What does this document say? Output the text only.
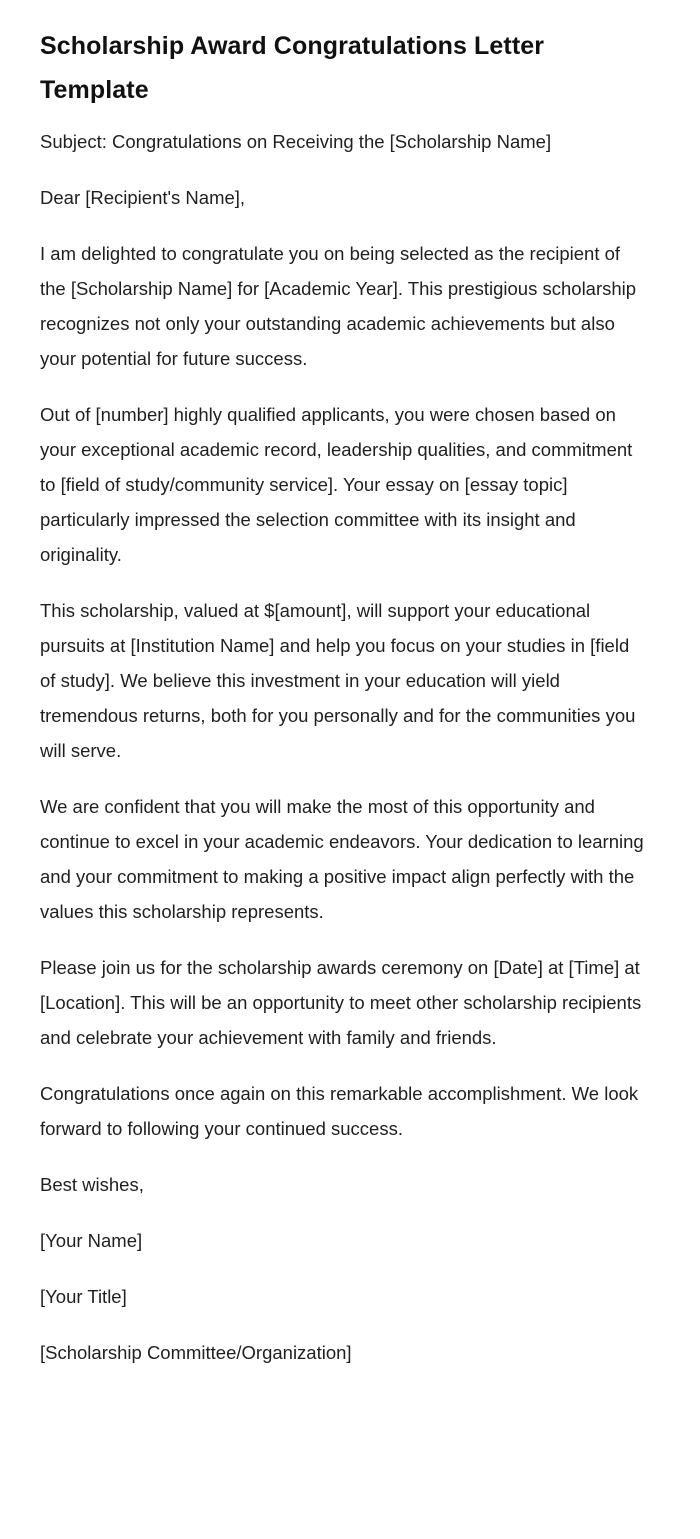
Scholarship Award Congratulations Letter Template

Subject: Congratulations on Receiving the [Scholarship Name]

Dear [Recipient's Name],

I am delighted to congratulate you on being selected as the recipient of the [Scholarship Name] for [Academic Year]. This prestigious scholarship recognizes not only your outstanding academic achievements but also your potential for future success.

Out of [number] highly qualified applicants, you were chosen based on your exceptional academic record, leadership qualities, and commitment to [field of study/community service]. Your essay on [essay topic] particularly impressed the selection committee with its insight and originality.

This scholarship, valued at $[amount], will support your educational pursuits at [Institution Name] and help you focus on your studies in [field of study]. We believe this investment in your education will yield tremendous returns, both for you personally and for the communities you will serve.

We are confident that you will make the most of this opportunity and continue to excel in your academic endeavors. Your dedication to learning and your commitment to making a positive impact align perfectly with the values this scholarship represents.

Please join us for the scholarship awards ceremony on [Date] at [Time] at [Location]. This will be an opportunity to meet other scholarship recipients and celebrate your achievement with family and friends.

Congratulations once again on this remarkable accomplishment. We look forward to following your continued success.

Best wishes,

[Your Name]

[Your Title]

[Scholarship Committee/Organization]
